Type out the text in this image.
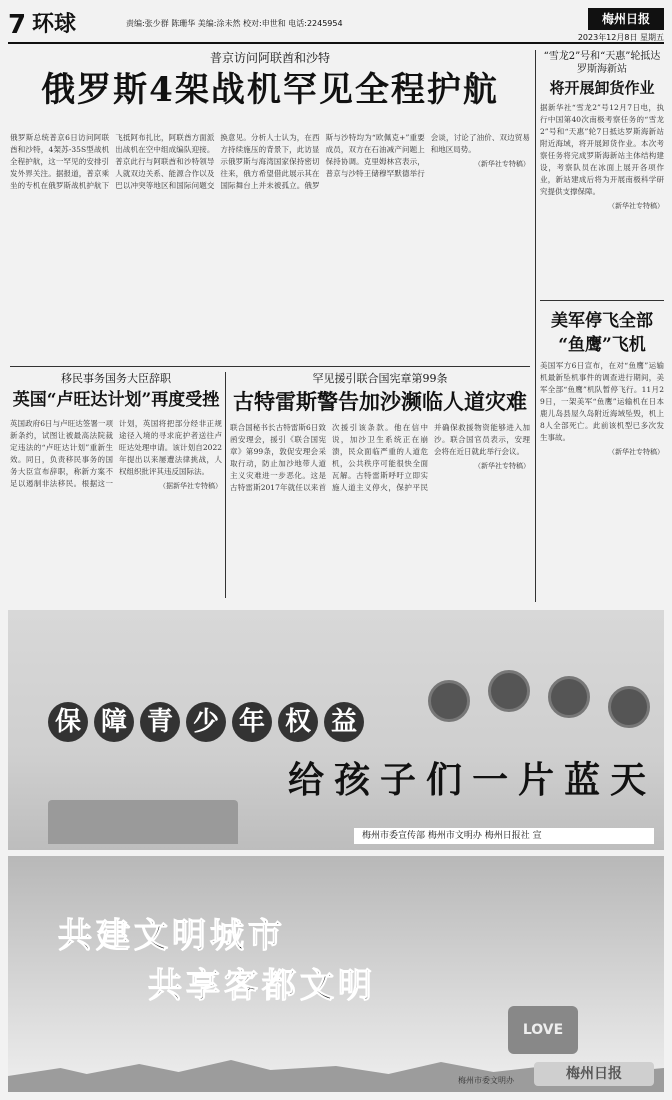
7 环球	责编:张少群 陈珊华 美编:涂未然 校对:申世和 电话:2245954	梅州日报
2023年12月8日 星期五
普京访问阿联酋和沙特
俄罗斯4架战机罕见全程护航
俄罗斯总统普京6日访问阿联酋和沙特，4架苏-35S型战机全程护航，这一罕见的安排引发外界关注。据报道，普京乘坐的专机在俄罗斯战机护航下飞抵阿布扎比，阿联酋方面派出战机在空中组成编队迎接。普京此行与阿联酋和沙特领导人就双边关系、能源合作以及巴以冲突等地区和国际问题交换意见。分析人士认为，在西方持续施压的背景下，此访显示俄罗斯与海湾国家保持密切往来，俄方希望借此展示其在国际舞台上并未被孤立。俄罗斯与沙特均为“欧佩克+”重要成员，双方在石油减产问题上保持协调。克里姆林宫表示，普京与沙特王储穆罕默德举行会谈，讨论了油价、双边贸易和地区局势。
（新华社专特稿）
移民事务国务大臣辞职
英国“卢旺达计划”再度受挫
英国政府6日与卢旺达签署一项新条约，试图让被最高法院裁定违法的“卢旺达计划”重新生效。同日，负责移民事务的国务大臣宣布辞职，称新方案不足以遏制非法移民。根据这一计划，英国将把部分经非正规途径入境的寻求庇护者送往卢旺达处理申请。该计划自2022年提出以来屡遭法律挑战，人权组织批评其违反国际法。
（据新华社专特稿）
罕见援引联合国宪章第99条
古特雷斯警告加沙濒临人道灾难
联合国秘书长古特雷斯6日致函安理会，援引《联合国宪章》第99条，敦促安理会采取行动，防止加沙地带人道主义灾难进一步恶化。这是古特雷斯2017年就任以来首次援引该条款。他在信中说，加沙卫生系统正在崩溃，民众面临严重的人道危机，公共秩序可能很快全面瓦解。古特雷斯呼吁立即实施人道主义停火，保护平民并确保救援物资能够进入加沙。联合国官员表示，安理会将在近日就此举行会议。
（新华社专特稿）
“雪龙2”号和“天惠”轮抵达罗斯海新站
将开展卸货作业
据新华社“雪龙2”号12月7日电，执行中国第40次南极考察任务的“雪龙2”号和“天惠”轮7日抵达罗斯海新站附近海域，将开展卸货作业。本次考察任务将完成罗斯海新站主体结构建设，考察队员在冰面上展开各项作业，新站建成后将为开展南极科学研究提供支撑保障。
（新华社专特稿）
美军停飞全部
“鱼鹰”飞机
美国军方6日宣布，在对“鱼鹰”运输机最新坠机事件的调查进行期间，美军全部“鱼鹰”机队暂停飞行。11月29日，一架美军“鱼鹰”运输机在日本鹿儿岛县屋久岛附近海域坠毁，机上8人全部死亡。此前该机型已多次发生事故。
（新华社专特稿）
保 障 青 少 年 权 益
给 孩 子 们 一 片 蓝 天
梅州市委宣传部 梅州市文明办 梅州日报社 宣
共建文明城市
共享客都文明
LOVE
梅州市委文明办	梅州日报
